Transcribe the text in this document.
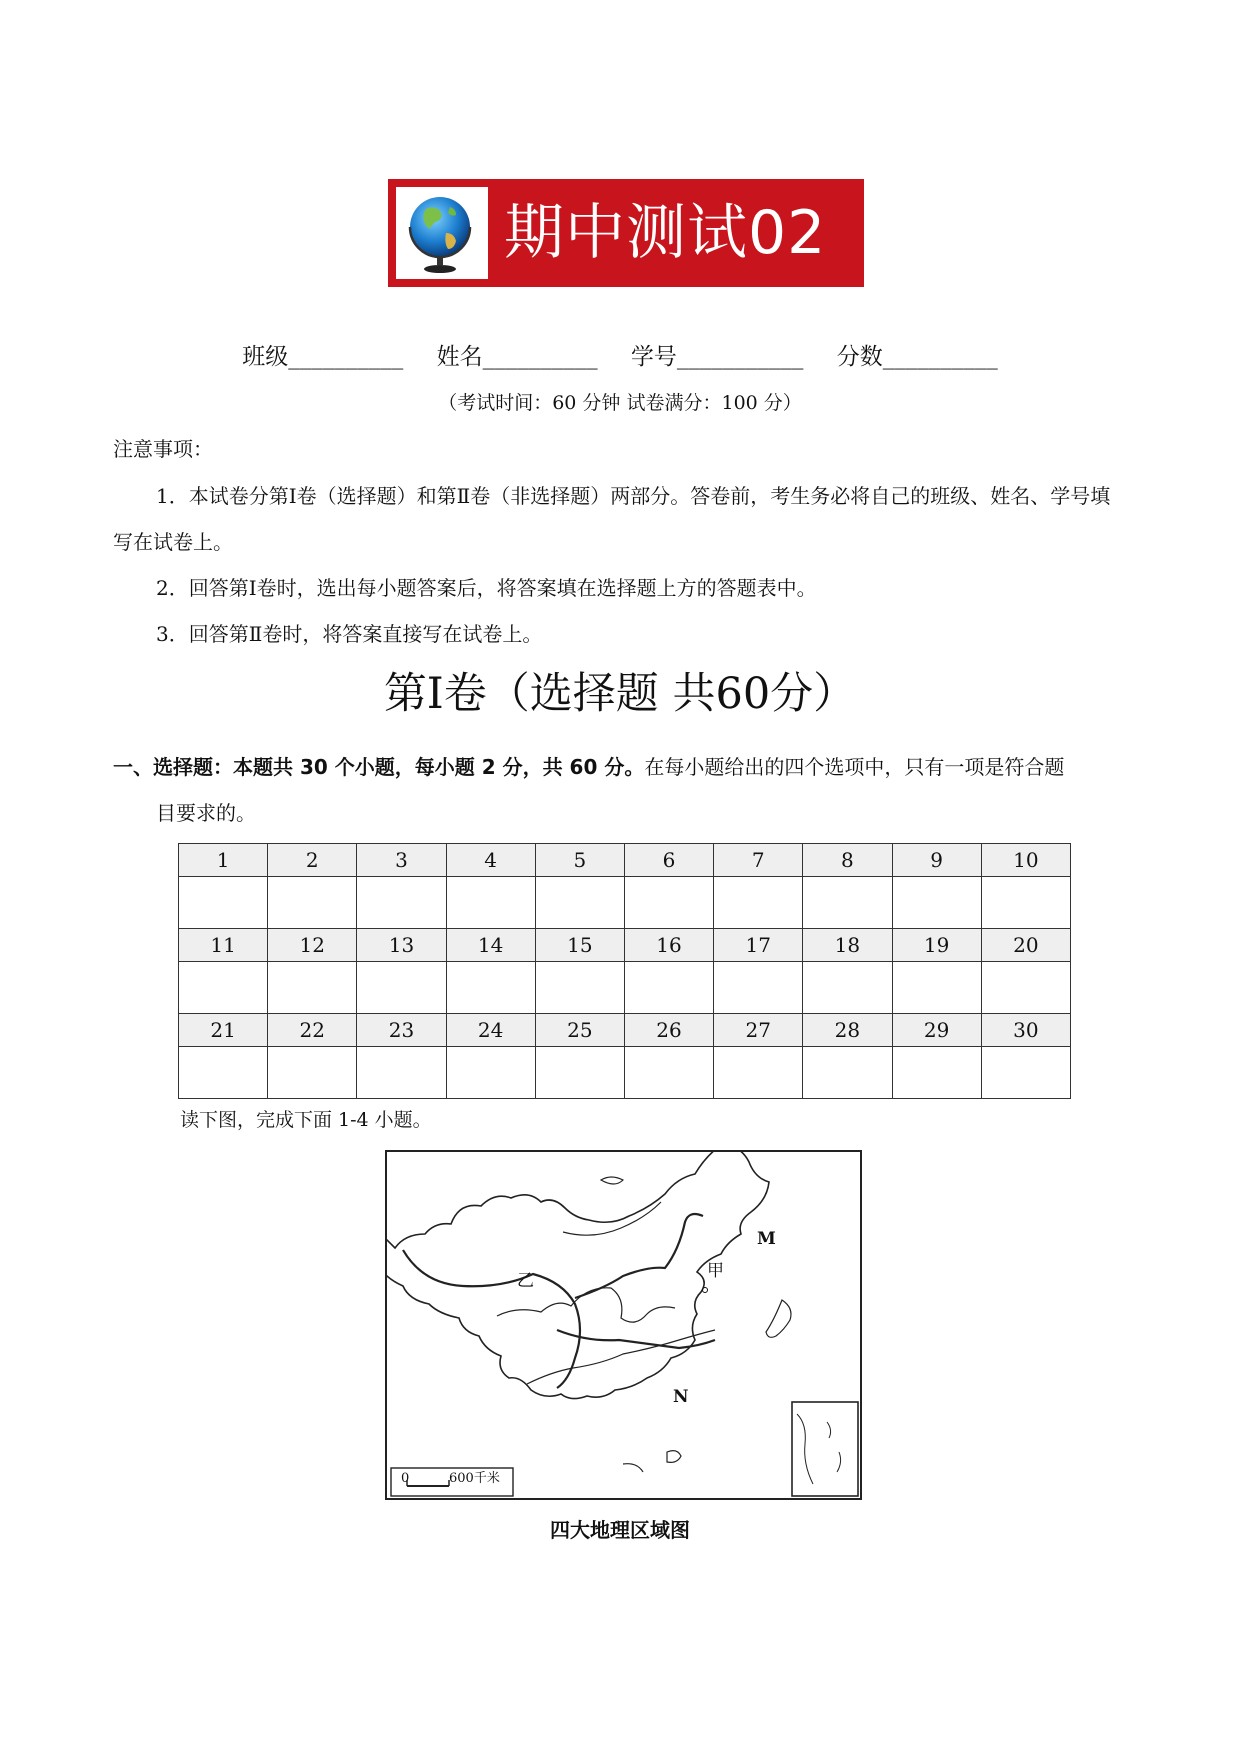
期中测试02
班级__________ 姓名__________ 学号___________ 分数__________
（考试时间：60 分钟 试卷满分：100 分）
注意事项：

1．本试卷分第Ⅰ卷（选择题）和第Ⅱ卷（非选择题）两部分。答卷前，考生务必将自己的班级、姓名、学号填写在试卷上。

2．回答第Ⅰ卷时，选出每小题答案后，将答案填在选择题上方的答题表中。

3．回答第Ⅱ卷时，将答案直接写在试卷上。

第Ⅰ卷（选择题 共60分）
一、选择题：本题共 30 个小题，每小题 2 分，共 60 分。在每小题给出的四个选项中，只有一项是符合题
目要求的。
1	2	3	4	5	6	7	8	9	10

11	12	13	14	15	16	17	18	19	20

21	22	23	24	25	26	27	28	29	30

读下图，完成下面 1-4 小题。
0	600千米
M
甲
乙
N
四大地理区域图
